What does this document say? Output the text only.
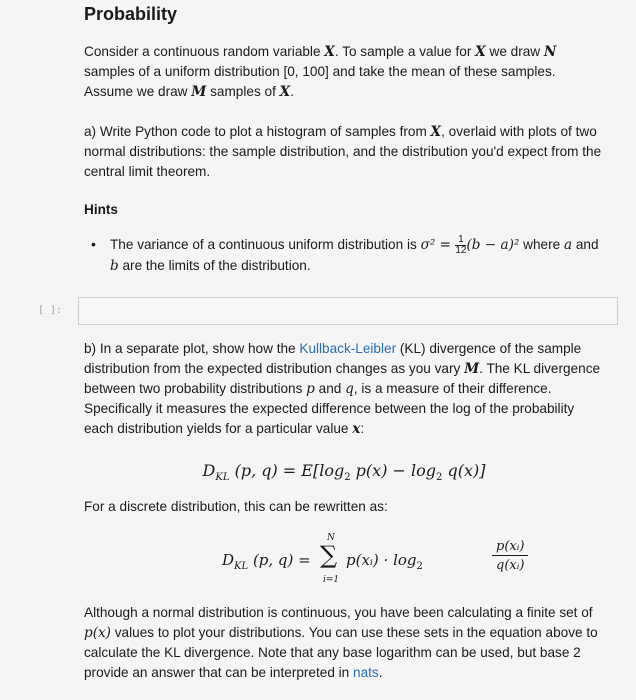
Probability

Consider a continuous random variable X. To sample a value for X we draw N samples of a uniform distribution [0, 100] and take the mean of these samples. Assume we draw M samples of X.

a) Write Python code to plot a histogram of samples from X, overlaid with plots of two normal distributions: the sample distribution, and the distribution you'd expect from the central limit theorem.

Hints
• The variance of a continuous uniform distribution is $\sigma^2 = \frac{1}{12} (b - a)^2$ where a and b are the limits of the distribution.
[ ]:

b) In a separate plot, show how the Kullback-Leibler (KL) divergence of the sample distribution from the expected distribution changes as you vary M. The KL divergence between two probability distributions p and q, is a measure of their difference. Specifically it measures the expected difference between the log of the probability each distribution yields for a particular value x:

$D_{KL}$ (p, $q) = E[\log_2$ $p(x) - \log_2 q(x)$]
For a discrete distribution, this can be rewritten as:
$D_{KL}$ (p, q) =
N
∑
i=1
p(xᵢ) · $\log_2$
p(xᵢ)
q(xᵢ)

Although a normal distribution is continuous, you have been calculating a finite set of p(x) values to plot your distributions. You can use these sets in the equation above to calculate the KL divergence. Note that any base logarithm can be used, but base 2 provide an answer that can be interpreted in nats.
